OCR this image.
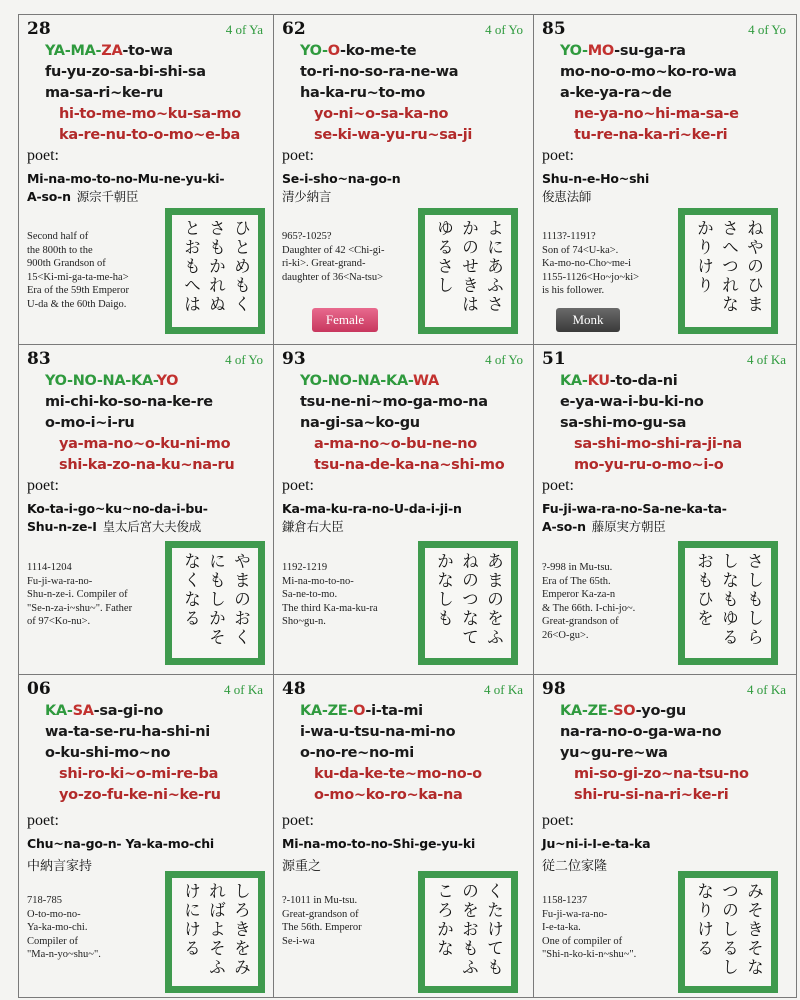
28	4 of Ya
YA-MA-ZA-to-wa
fu-yu-zo-sa-bi-shi-sa
ma-sa-ri~ke-ru
hi-to-me-mo~ku-sa-mo
ka-re-nu-to-o-mo~e-ba
poet:
Mi-na-mo-to-no-Mu-ne-yu-ki-
A-so-n 源宗千朝臣
Second half of
the 800th to the
900th Grandson of
15<Ki-mi-ga-ta-me-ha>
Era of the 59th Emperor
U-da & the 60th Daigo.	ひとめもく
さもかれぬ
とおもへは
62	4 of Yo
YO-O-ko-me-te
to-ri-no-so-ra-ne-wa
ha-ka-ru~to-mo
yo-ni~o-sa-ka-no
se-ki-wa-yu-ru~sa-ji
poet:
Se-i-sho~na-go-n
清少納言
965?-1025?
Daughter of 42 <Chi-gi-
ri-ki>. Great-grand-
daughter of 36<Na-tsu>
Female
よにあふさ
かのせきは
ゆるさし
85	4 of Yo
YO-MO-su-ga-ra
mo-no-o-mo~ko-ro-wa
a-ke-ya-ra~de
ne-ya-no~hi-ma-sa-e
tu-re-na-ka-ri~ke-ri
poet:
Shu-n-e-Ho~shi
俊恵法師
1113?-1191?
Son of 74<U-ka>.
Ka-mo-no-Cho~me-i
1155-1126<Ho~jo~ki>
is his follower.
Monk
ねやのひま
さへつれな
かりけり
83	4 of Yo
YO-NO-NA-KA-YO
mi-chi-ko-so-na-ke-re
o-mo-i~i-ru
ya-ma-no~o-ku-ni-mo
shi-ka-zo-na-ku~na-ru
poet:
Ko-ta-i-go~ku~no-da-i-bu-
Shu-n-ze-I 皇太后宮大夫俊成
1114-1204
Fu-ji-wa-ra-no-
Shu-n-ze-i. Compiler of
"Se-n-za-i~shu~". Father
of 97<Ko-nu>.	やまのおく
にもしかそ
なくなる
93	4 of Yo
YO-NO-NA-KA-WA
tsu-ne-ni~mo-ga-mo-na
na-gi-sa~ko-gu
a-ma-no~o-bu-ne-no
tsu-na-de-ka-na~shi-mo
poet:
Ka-ma-ku-ra-no-U-da-i-ji-n
鎌倉右大臣
1192-1219
Mi-na-mo-to-no-
Sa-ne-to-mo.
The third Ka-ma-ku-ra
Sho~gu-n.	あまのをふ
ねのつなて
かなしも
51	4 of Ka
KA-KU-to-da-ni
e-ya-wa-i-bu-ki-no
sa-shi-mo-gu-sa
sa-shi-mo-shi-ra-ji-na
mo-yu-ru-o-mo~i-o
poet:
Fu-ji-wa-ra-no-Sa-ne-ka-ta-
A-so-n 藤原実方朝臣
?-998 in Mu-tsu.
Era of The 65th.
Emperor Ka-za-n
& The 66th. I-chi-jo~.
Great-grandson of
26<O-gu>.	さしもしら
しなもゆる
おもひを
06	4 of Ka
KA-SA-sa-gi-no
wa-ta-se-ru-ha-shi-ni
o-ku-shi-mo~no
shi-ro-ki~o-mi-re-ba
yo-zo-fu-ke-ni~ke-ru
Chu~na-go-n- Ya-ka-mo-chi
poet:
中納言家持
718-785
O-to-mo-no-
Ya-ka-mo-chi.
Compiler of
"Ma-n-yo~shu~".	しろきをみ
ればよそふ
けにける
48	4 of Ka
KA-ZE-O-i-ta-mi
i-wa-u-tsu-na-mi-no
o-no-re~no-mi
ku-da-ke-te~mo-no-o
o-mo~ko-ro~ka-na
poet:
Mi-na-mo-to-no-Shi-ge-yu-ki
源重之
?-1011 in Mu-tsu.
Great-grandson of
The 56th. Emperor
Se-i-wa	くたけても
のをおもふ
ころかな
98	4 of Ka
KA-ZE-SO-yo-gu
na-ra-no-o-ga-wa-no
yu~gu-re~wa
mi-so-gi-zo~na-tsu-no
shi-ru-si-na-ri~ke-ri
poet:
Ju~ni-i-I-e-ta-ka
従二位家隆
1158-1237
Fu-ji-wa-ra-no-
I-e-ta-ka.
One of compiler of
"Shi-n-ko-ki-n~shu~".	みそきそな
つのしるし
なりける
